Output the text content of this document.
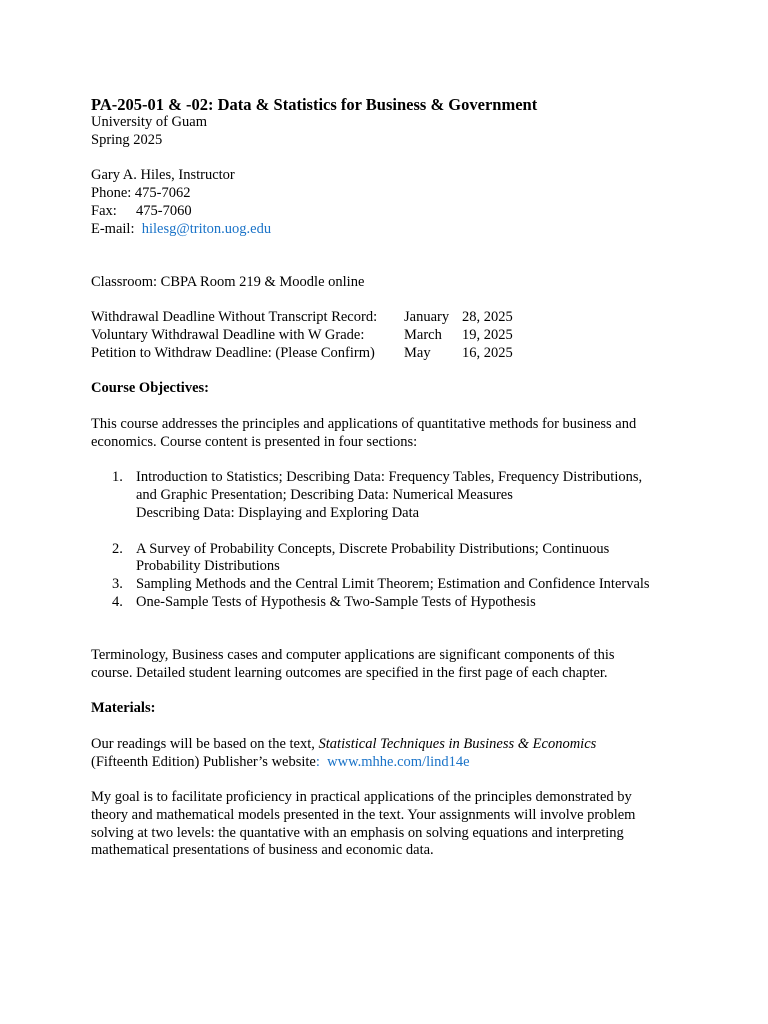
PA-205-01 & -02: Data & Statistics for Business & Government
University of Guam
Spring 2025
Gary A. Hiles, Instructor
Phone: 475-7062
Fax: 475-7060
E-mail: hilesg@triton.uog.edu
Classroom: CBPA Room 219 & Moodle online
Withdrawal Deadline Without Transcript Record:	January	28, 2025
Voluntary Withdrawal Deadline with W Grade:	March	19, 2025
Petition to Withdraw Deadline: (Please Confirm)	May	16, 2025
Course Objectives:
This course addresses the principles and applications of quantitative methods for business and
economics. Course content is presented in four sections:
1. Introduction to Statistics; Describing Data: Frequency Tables, Frequency Distributions,
and Graphic Presentation; Describing Data: Numerical Measures
Describing Data: Displaying and Exploring Data
2. A Survey of Probability Concepts, Discrete Probability Distributions; Continuous
Probability Distributions
3. Sampling Methods and the Central Limit Theorem; Estimation and Confidence Intervals
4. One-Sample Tests of Hypothesis & Two-Sample Tests of Hypothesis
Terminology, Business cases and computer applications are significant components of this
course. Detailed student learning outcomes are specified in the first page of each chapter.
Materials:
Our readings will be based on the text, Statistical Techniques in Business & Economics
(Fifteenth Edition) Publisher’s website: www.mhhe.com/lind14e
My goal is to facilitate proficiency in practical applications of the principles demonstrated by
theory and mathematical models presented in the text. Your assignments will involve problem
solving at two levels: the quantative with an emphasis on solving equations and interpreting
mathematical presentations of business and economic data.
